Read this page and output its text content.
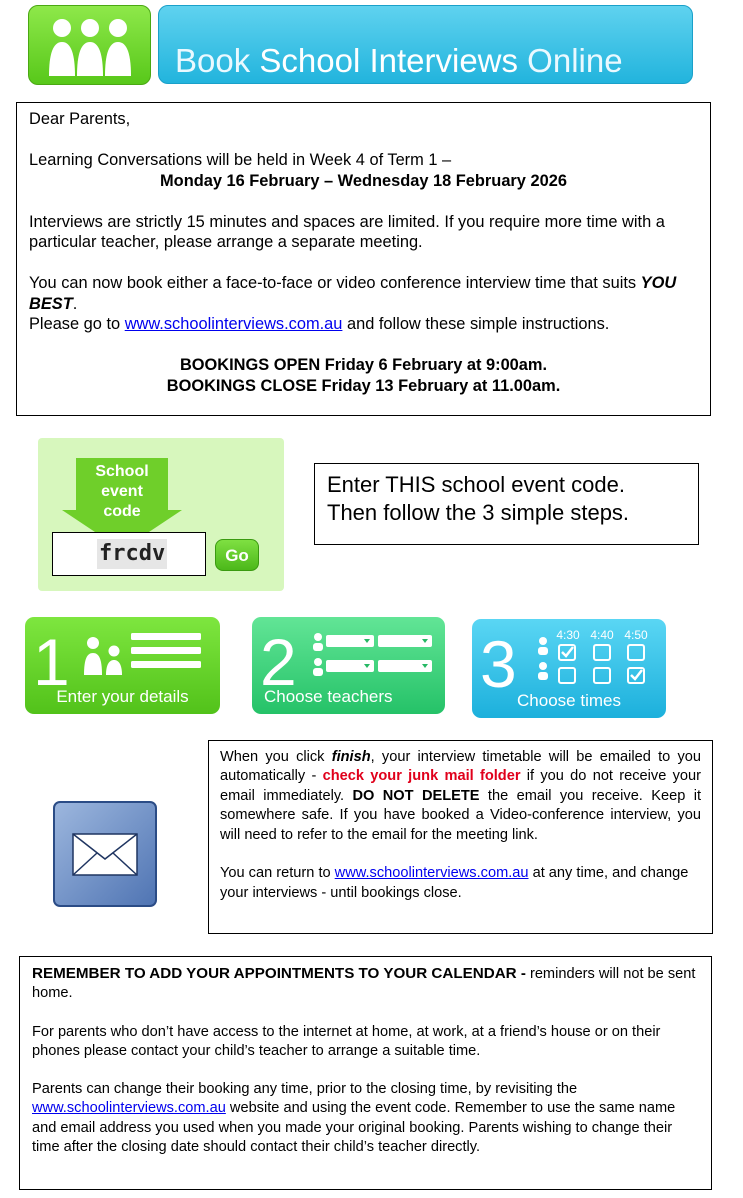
Book School Interviews Online

Dear Parents,

Learning Conversations will be held in Week 4 of Term 1 –

Monday 16 February – Wednesday 18 February 2026

Interviews are strictly 15 minutes and spaces are limited. If you require more time with a particular teacher, please arrange a separate meeting.

You can now book either a face-to-face or video conference interview time that suits YOU BEST.

Please go to www.schoolinterviews.com.au and follow these simple instructions.

BOOKINGS OPEN Friday 6 February at 9:00am.

BOOKINGS CLOSE Friday 13 February at 11.00am.

School
event
code
frcdv	Go
Enter THIS school event code.
Then follow the 3 simple steps.
1
Enter your details	2
Choose teachers	3	4:30 4:40 4:50
Choose times

When you click finish, your interview timetable will be emailed to you automatically - check your junk mail folder if you do not receive your email immediately. DO NOT DELETE the email you receive. Keep it somewhere safe. If you have booked a Video-conference interview, you will need to refer to the email for the meeting link.

You can return to www.schoolinterviews.com.au at any time, and change your interviews - until bookings close.

REMEMBER TO ADD YOUR APPOINTMENTS TO YOUR CALENDAR - reminders will not be sent home.

For parents who don’t have access to the internet at home, at work, at a friend’s house or on their phones please contact your child’s teacher to arrange a suitable time.

Parents can change their booking any time, prior to the closing time, by revisiting the www.schoolinterviews.com.au website and using the event code. Remember to use the same name and email address you used when you made your original booking. Parents wishing to change their time after the closing date should contact their child’s teacher directly.
